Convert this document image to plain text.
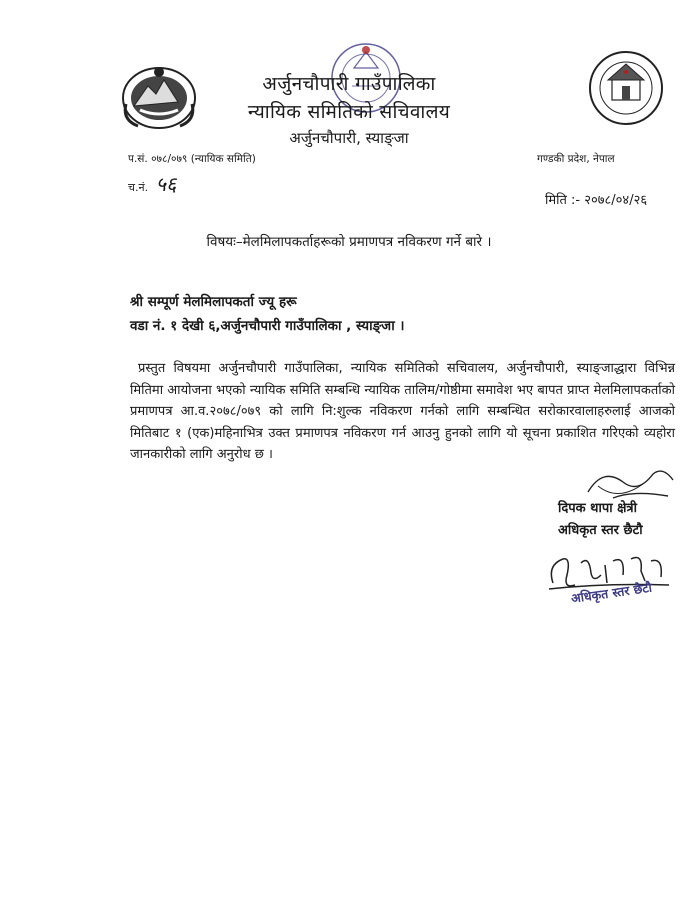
अर्जुनचौपारी गाउँपालिका
न्यायिक समितिको सचिवालय
अर्जुनचौपारी, स्याङ्जा
प.सं. ०७८/०७९ (न्यायिक समिति)	गण्डकी प्रदेश, नेपाल
च.नं. ५६
मिति :- २०७८/०४/२६
विषयः–मेलमिलापकर्ताहरूको प्रमाणपत्र नविकरण गर्ने बारे ।
श्री सम्पूर्ण मेलमिलापकर्ता ज्यू हरू
वडा नं. १ देखी ६,अर्जुनचौपारी गाउँपालिका , स्याङ्जा ।
प्रस्तुत विषयमा अर्जुनचौपारी गाउँपालिका, न्यायिक समितिको सचिवालय, अर्जुनचौपारी, स्याङ्जाद्धारा विभिन्न मितिमा आयोजना भएको न्यायिक समिति सम्बन्धि न्यायिक तालिम/गोष्ठीमा समावेश भए बापत प्राप्त मेलमिलापकर्ताको प्रमाणपत्र आ.व.२०७८/०७९ को लागि नि:शुल्क नविकरण गर्नको लागि सम्बन्धित सरोकारवालाहरुलाई आजको मितिबाट १ (एक)महिनाभित्र उक्त प्रमाणपत्र नविकरण गर्न आउनु हुनको लागि यो सूचना प्रकाशित गरिएको व्यहोरा जानकारीको लागि अनुरोध छ ।
दिपक थापा क्षेत्री
अधिकृत स्तर छैटौ
अधिकृत स्तर छैटौ
